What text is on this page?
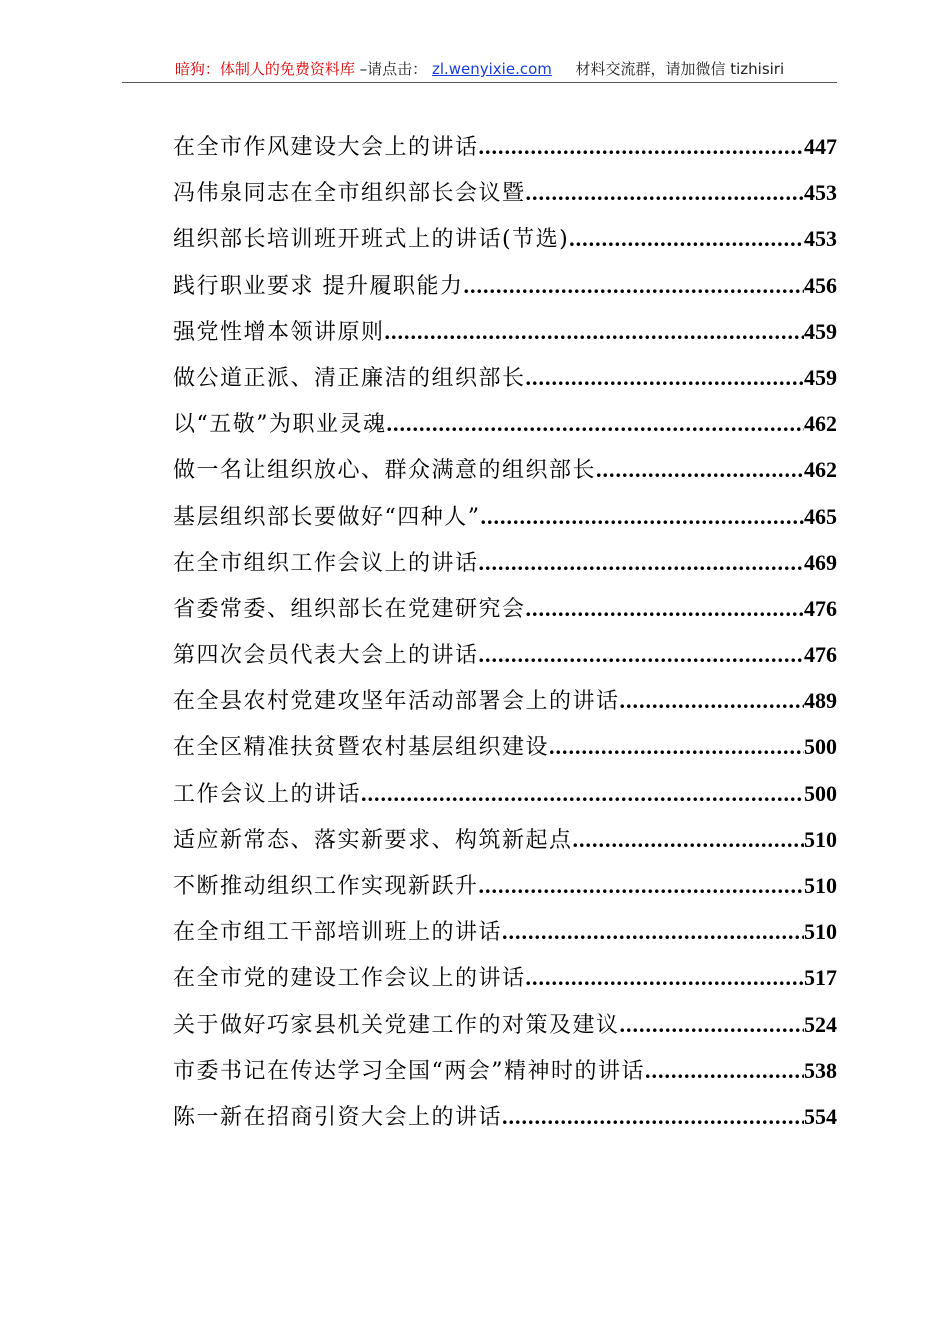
暗狗：体制人的免费资料库 –请点击： zl.wenyixie.com 材料交流群，请加微信 tizhisiri
在全市作风建设大会上的讲话 .....	447
冯伟泉同志在全市组织部长会议暨 .....	453
组织部长培训班开班式上的讲话(节选) .....	453
践行职业要求 提升履职能力 .....	456
强党性增本领讲原则 .....	459
做公道正派、清正廉洁的组织部长 .....	459
以“五敬”为职业灵魂 .....	462
做一名让组织放心、群众满意的组织部长 .....	462
基层组织部长要做好“四种人” .....	465
在全市组织工作会议上的讲话 .....	469
省委常委、组织部长在党建研究会 .....	476
第四次会员代表大会上的讲话 .....	476
在全县农村党建攻坚年活动部署会上的讲话 .....	489
在全区精准扶贫暨农村基层组织建设 .....	500
工作会议上的讲话 .....	500
适应新常态、落实新要求、构筑新起点 .....	510
不断推动组织工作实现新跃升 .....	510
在全市组工干部培训班上的讲话 .....	510
在全市党的建设工作会议上的讲话 .....	517
关于做好巧家县机关党建工作的对策及建议 .....	524
市委书记在传达学习全国“两会”精神时的讲话 .....	538
陈一新在招商引资大会上的讲话 .....	554
